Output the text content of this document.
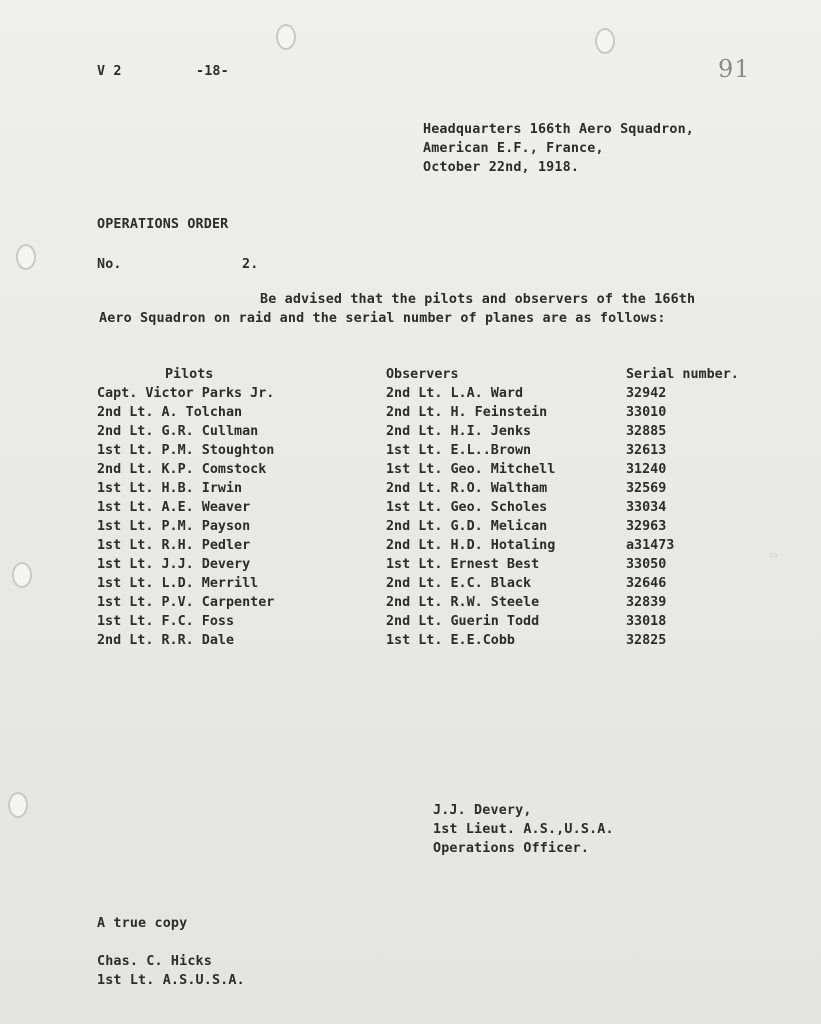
V 2	-18-	91
Headquarters 166th Aero Squadron,
American E.F., France,
October 22nd, 1918.
OPERATIONS ORDER
No.	2.
Be advised that the pilots and observers of the 166th
Aero Squadron on raid and the serial number of planes are as follows:
Pilots	Observers	Serial number.
Capt. Victor Parks Jr.	2nd Lt. L.A. Ward	32942
2nd Lt. A. Tolchan	2nd Lt. H. Feinstein	33010
2nd Lt. G.R. Cullman	2nd Lt. H.I. Jenks	32885
1st Lt. P.M. Stoughton	1st Lt. E.L..Brown	32613
2nd Lt. K.P. Comstock	1st Lt. Geo. Mitchell	31240
1st Lt. H.B. Irwin	2nd Lt. R.O. Waltham	32569
1st Lt. A.E. Weaver	1st Lt. Geo. Scholes	33034
1st Lt. P.M. Payson	2nd Lt. G.D. Melican	32963
1st Lt. R.H. Pedler	2nd Lt. H.D. Hotaling	a31473
1st Lt. J.J. Devery	1st Lt. Ernest Best	33050
1st Lt. L.D. Merrill	2nd Lt. E.C. Black	32646
1st Lt. P.V. Carpenter	2nd Lt. R.W. Steele	32839
1st Lt. F.C. Foss	2nd Lt. Guerin Todd	33018
2nd Lt. R.R. Dale	1st Lt. E.E.Cobb	32825
▭
J.J. Devery,
1st Lieut. A.S.,U.S.A.
Operations Officer.
A true copy
Chas. C. Hicks
1st Lt. A.S.U.S.A.
